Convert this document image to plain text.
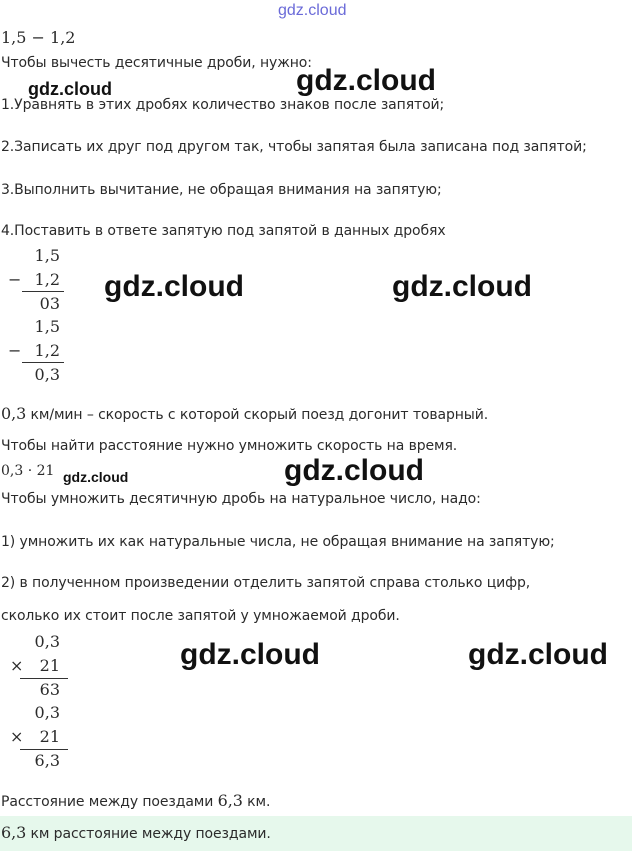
gdz.cloud
1,5 − 1,2
Чтобы вычесть десятичные дроби, нужно:
gdz.cloud	gdz.cloud
1.Уравнять в этих дробях количество знаков после запятой;
2.Записать их друг под другом так, чтобы запятая была записана под запятой;
3.Выполнить вычитание, не обращая внимания на запятую;
4.Поставить в ответе запятую под запятой в данных дробях
1,5
− 1,2
03
gdz.cloud	gdz.cloud
1,5
− 1,2
0,3
0,3 км/мин – скорость с которой скорый поезд догонит товарный.
Чтобы найти расстояние нужно умножить скорость на время.
0,3 · 21 gdz.cloud	gdz.cloud
Чтобы умножить десятичную дробь на натуральное число, надо:
1) умножить их как натуральные числа, не обращая внимание на запятую;
2) в полученном произведении отделить запятой справа столько цифр,
сколько их стоит после запятой у умножаемой дроби.
0,3
× 21
63
gdz.cloud	gdz.cloud
0,3
× 21
6,3
Расстояние между поездами 6,3 км.
6,3 км расстояние между поездами.
